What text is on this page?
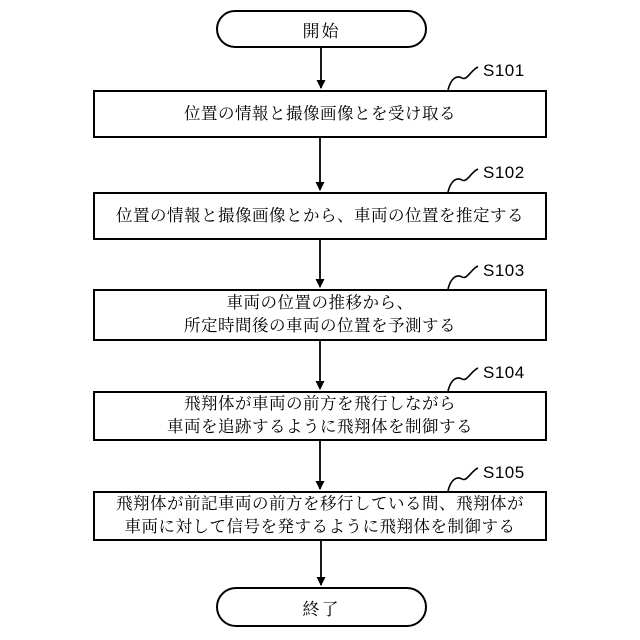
開始
位置の情報と撮像画像とを受け取る
S101
位置の情報と撮像画像とから、車両の位置を推定する
S102
車両の位置の推移から、
所定時間後の車両の位置を予測する
S103
飛翔体が車両の前方を飛行しながら
車両を追跡するように飛翔体を制御する
S104
飛翔体が前記車両の前方を移行している間、飛翔体が
車両に対して信号を発するように飛翔体を制御する
S105
終了
